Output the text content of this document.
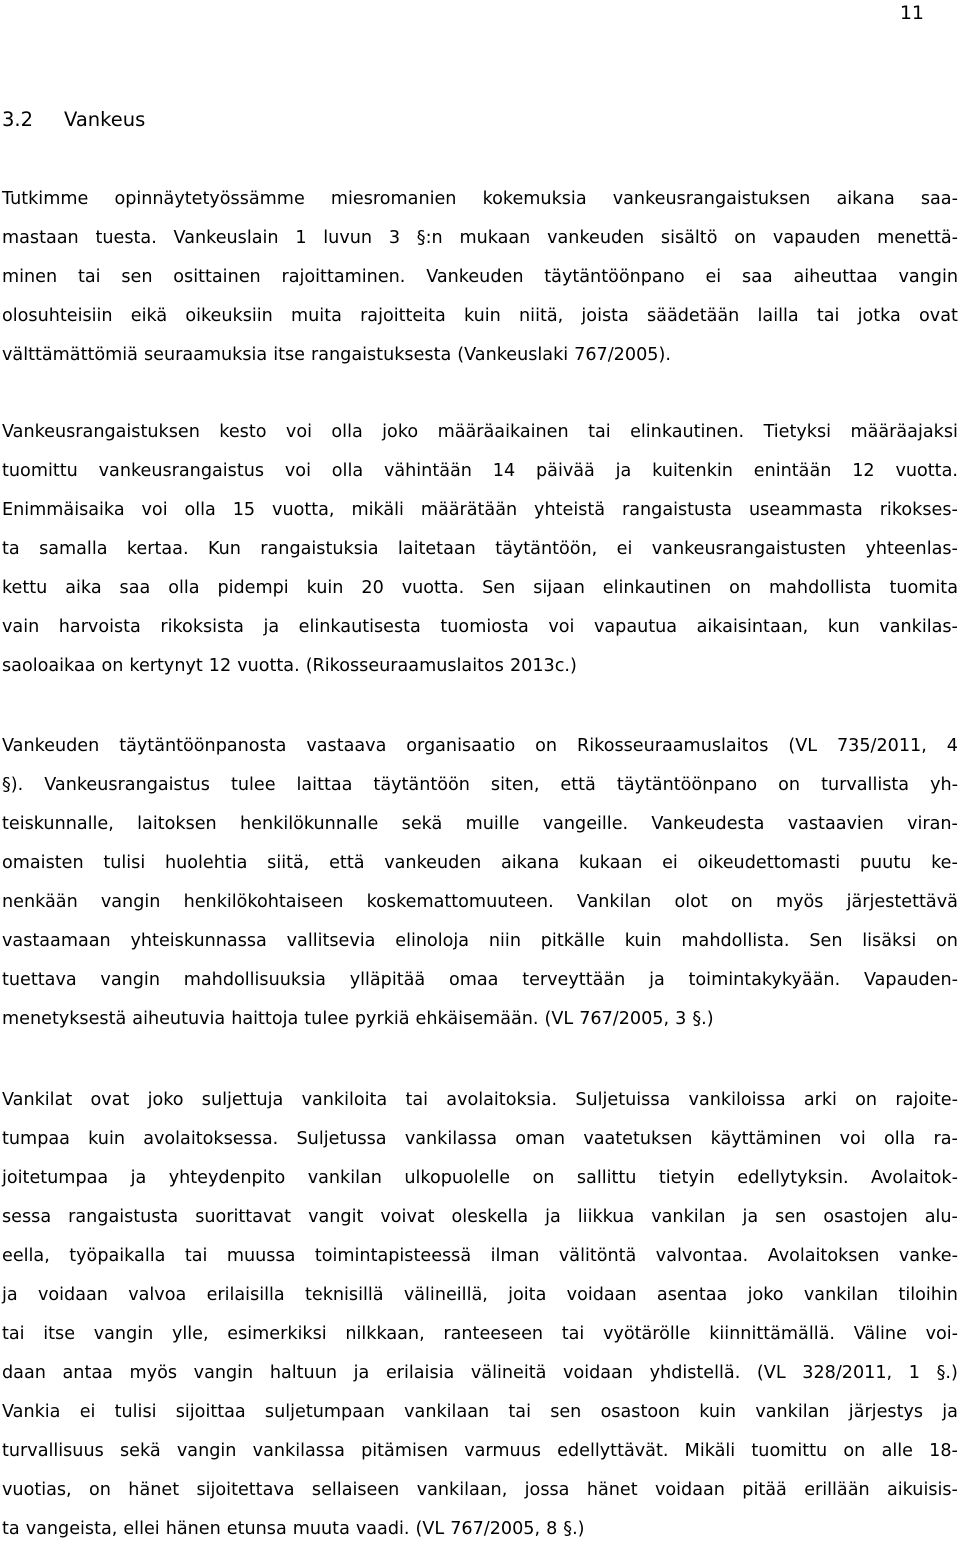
11
3.2 Vankeus
Tutkimme opinnäytetyössämme miesromanien kokemuksia vankeusrangaistuksen aikana saa-
mastaan tuesta. Vankeuslain 1 luvun 3 §:n mukaan vankeuden sisältö on vapauden menettä-
minen tai sen osittainen rajoittaminen. Vankeuden täytäntöönpano ei saa aiheuttaa vangin
olosuhteisiin eikä oikeuksiin muita rajoitteita kuin niitä, joista säädetään lailla tai jotka ovat
välttämättömiä seuraamuksia itse rangaistuksesta (Vankeuslaki 767/2005).
Vankeusrangaistuksen kesto voi olla joko määräaikainen tai elinkautinen. Tietyksi määräajaksi
tuomittu vankeusrangaistus voi olla vähintään 14 päivää ja kuitenkin enintään 12 vuotta.
Enimmäisaika voi olla 15 vuotta, mikäli määrätään yhteistä rangaistusta useammasta rikokses-
ta samalla kertaa. Kun rangaistuksia laitetaan täytäntöön, ei vankeusrangaistusten yhteenlas-
kettu aika saa olla pidempi kuin 20 vuotta. Sen sijaan elinkautinen on mahdollista tuomita
vain harvoista rikoksista ja elinkautisesta tuomiosta voi vapautua aikaisintaan, kun vankilas-
saoloaikaa on kertynyt 12 vuotta. (Rikosseuraamuslaitos 2013c.)
Vankeuden täytäntöönpanosta vastaava organisaatio on Rikosseuraamuslaitos (VL 735/2011, 4
§). Vankeusrangaistus tulee laittaa täytäntöön siten, että täytäntöönpano on turvallista yh-
teiskunnalle, laitoksen henkilökunnalle sekä muille vangeille. Vankeudesta vastaavien viran-
omaisten tulisi huolehtia siitä, että vankeuden aikana kukaan ei oikeudettomasti puutu ke-
nenkään vangin henkilökohtaiseen koskemattomuuteen. Vankilan olot on myös järjestettävä
vastaamaan yhteiskunnassa vallitsevia elinoloja niin pitkälle kuin mahdollista. Sen lisäksi on
tuettava vangin mahdollisuuksia ylläpitää omaa terveyttään ja toimintakykyään. Vapauden-
menetyksestä aiheutuvia haittoja tulee pyrkiä ehkäisemään. (VL 767/2005, 3 §.)
Vankilat ovat joko suljettuja vankiloita tai avolaitoksia. Suljetuissa vankiloissa arki on rajoite-
tumpaa kuin avolaitoksessa. Suljetussa vankilassa oman vaatetuksen käyttäminen voi olla ra-
joitetumpaa ja yhteydenpito vankilan ulkopuolelle on sallittu tietyin edellytyksin. Avolaitok-
sessa rangaistusta suorittavat vangit voivat oleskella ja liikkua vankilan ja sen osastojen alu-
eella, työpaikalla tai muussa toimintapisteessä ilman välitöntä valvontaa. Avolaitoksen vanke-
ja voidaan valvoa erilaisilla teknisillä välineillä, joita voidaan asentaa joko vankilan tiloihin
tai itse vangin ylle, esimerkiksi nilkkaan, ranteeseen tai vyötärölle kiinnittämällä. Väline voi-
daan antaa myös vangin haltuun ja erilaisia välineitä voidaan yhdistellä. (VL 328/2011, 1 §.)
Vankia ei tulisi sijoittaa suljetumpaan vankilaan tai sen osastoon kuin vankilan järjestys ja
turvallisuus sekä vangin vankilassa pitämisen varmuus edellyttävät. Mikäli tuomittu on alle 18-
vuotias, on hänet sijoitettava sellaiseen vankilaan, jossa hänet voidaan pitää erillään aikuisis-
ta vangeista, ellei hänen etunsa muuta vaadi. (VL 767/2005, 8 §.)
